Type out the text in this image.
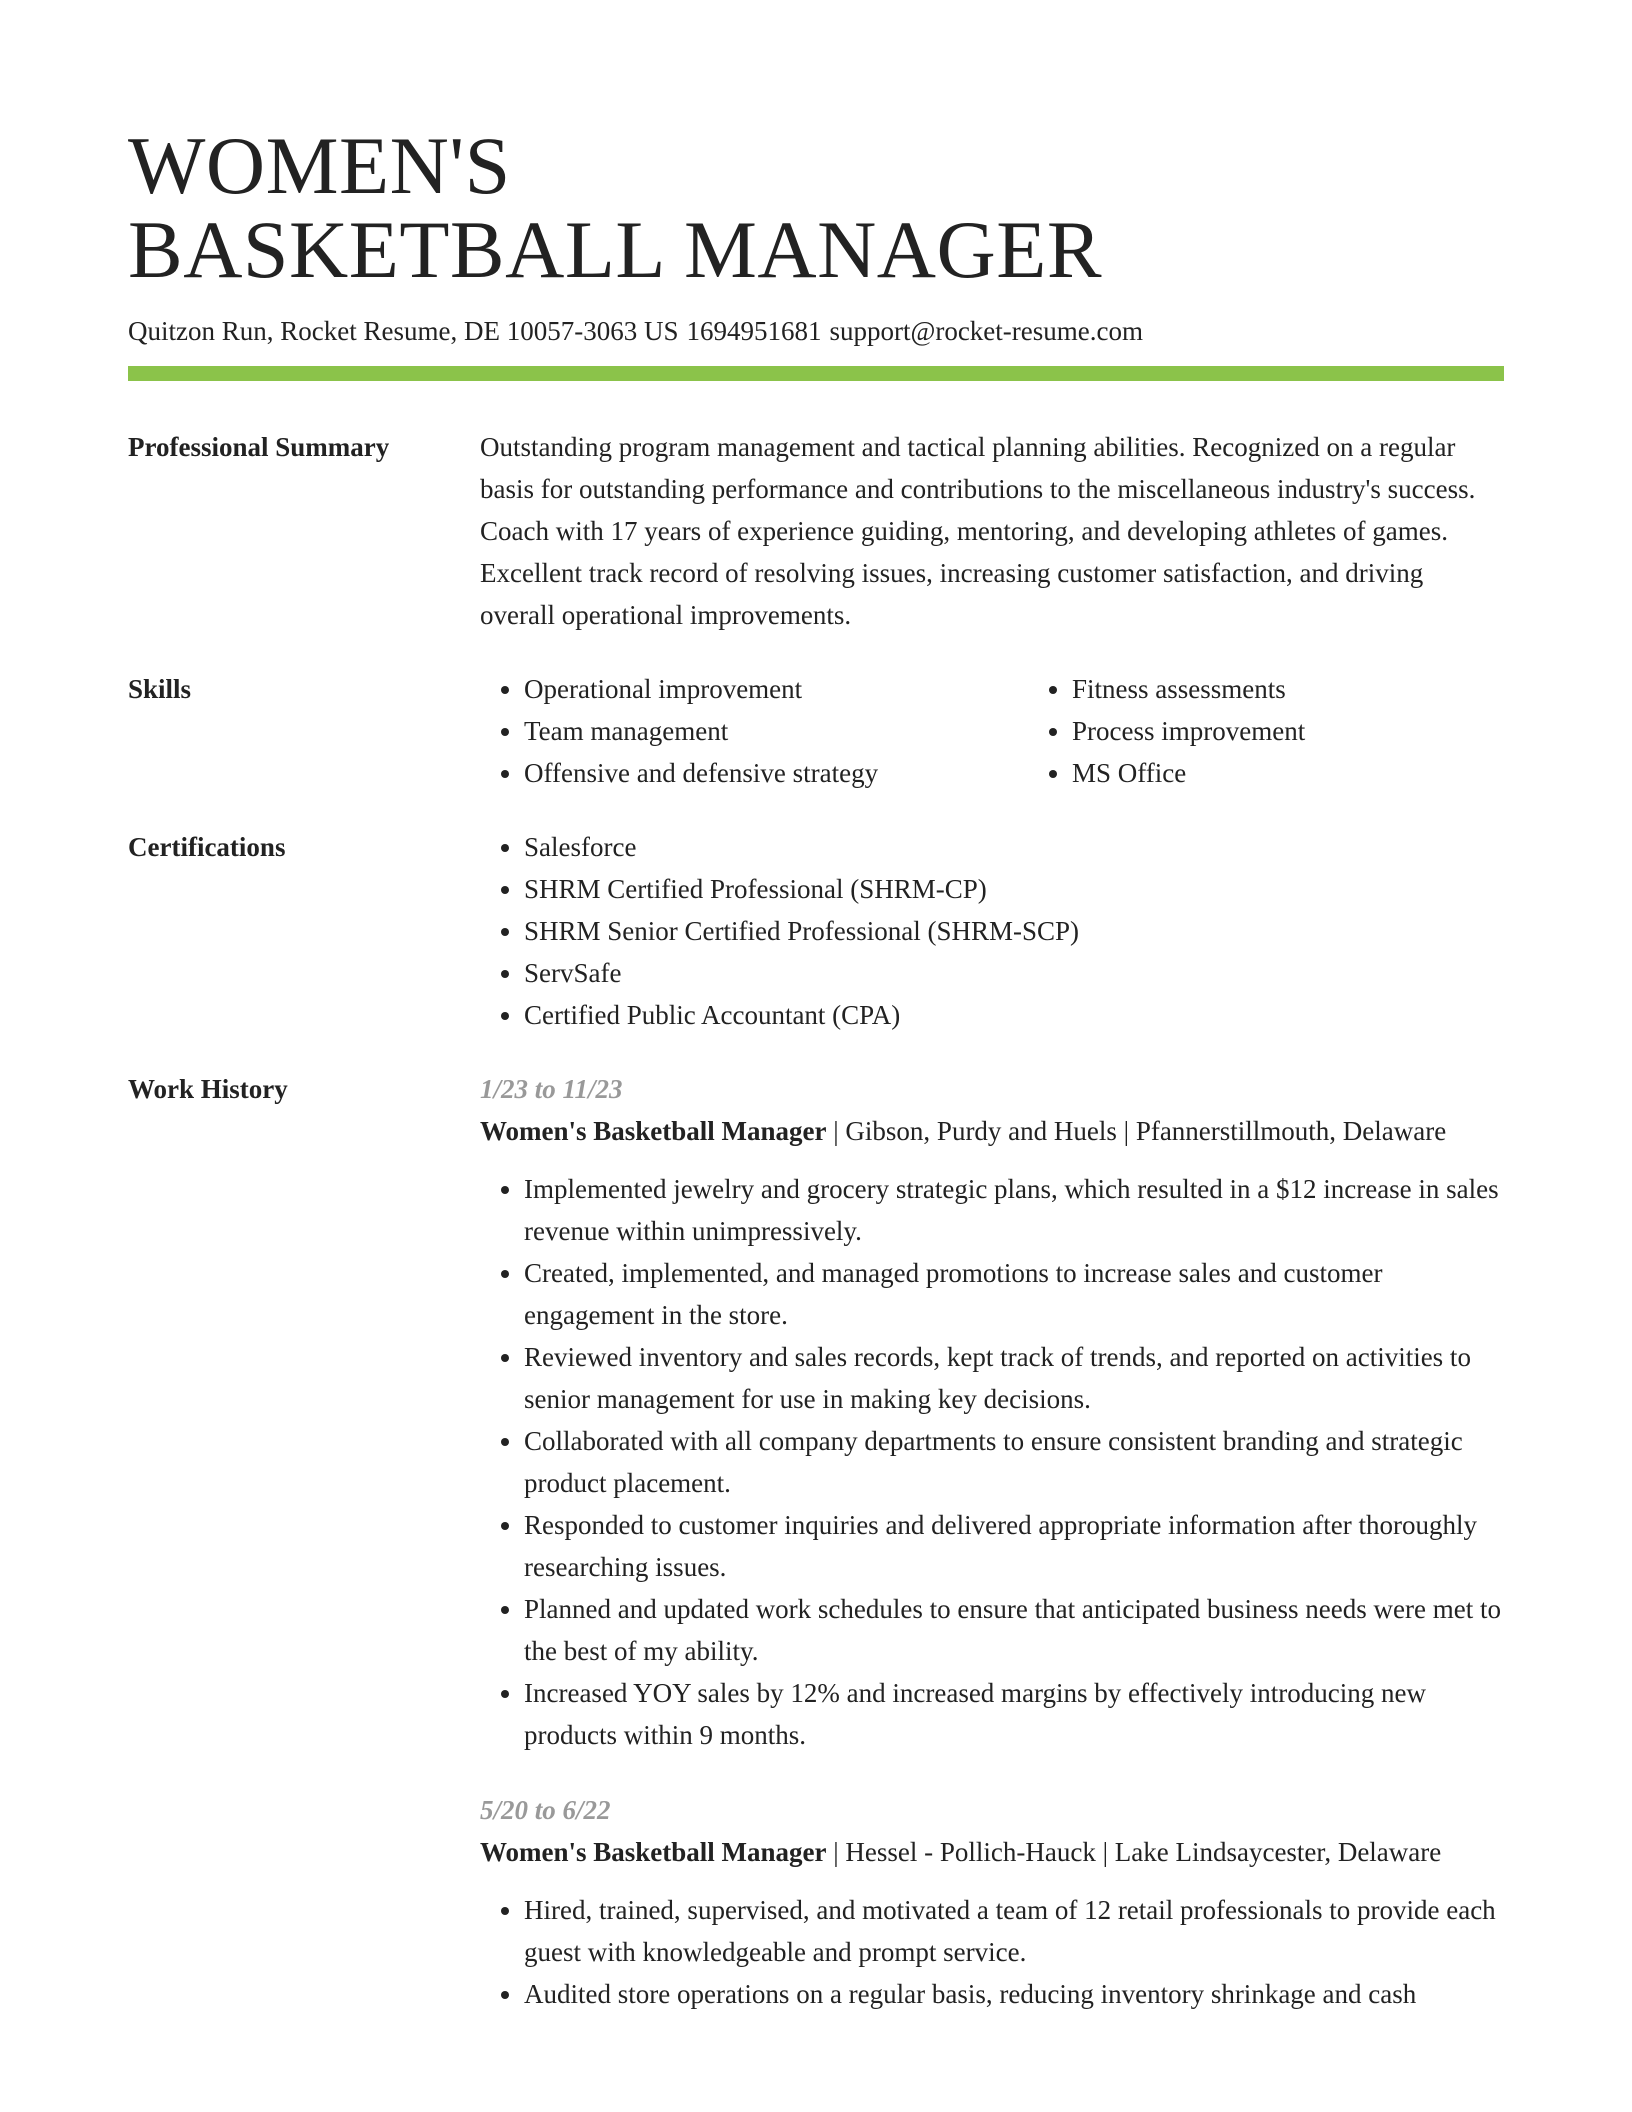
WOMEN'S
BASKETBALL MANAGER
Quitzon Run, Rocket Resume, DE 10057-3063 US 1694951681 support@rocket-resume.com
Professional Summary	Outstanding program management and tactical planning abilities. Recognized on a regular basis for outstanding performance and contributions to the miscellaneous industry's success. Coach with 17 years of experience guiding, mentoring, and developing athletes of games. Excellent track record of resolving issues, increasing customer satisfaction, and driving overall operational improvements.
Skills	• Operational improvement
• Team management
• Offensive and defensive strategy
• Fitness assessments
• Process improvement
• MS Office
Certifications	• Salesforce
• SHRM Certified Professional (SHRM-CP)
• SHRM Senior Certified Professional (SHRM-SCP)
• ServSafe
• Certified Public Accountant (CPA)
Work History	1/23 to 11/23
Women's Basketball Manager | Gibson, Purdy and Huels | Pfannerstillmouth, Delaware
• Implemented jewelry and grocery strategic plans, which resulted in a $12 increase in sales revenue within unimpressively.
• Created, implemented, and managed promotions to increase sales and customer engagement in the store.
• Reviewed inventory and sales records, kept track of trends, and reported on activities to senior management for use in making key decisions.
• Collaborated with all company departments to ensure consistent branding and strategic product placement.
• Responded to customer inquiries and delivered appropriate information after thoroughly researching issues.
• Planned and updated work schedules to ensure that anticipated business needs were met to the best of my ability.
• Increased YOY sales by 12% and increased margins by effectively introducing new products within 9 months.
5/20 to 6/22
Women's Basketball Manager | Hessel - Pollich-Hauck | Lake Lindsaycester, Delaware
• Hired, trained, supervised, and motivated a team of 12 retail professionals to provide each guest with knowledgeable and prompt service.
• Audited store operations on a regular basis, reducing inventory shrinkage and cash
